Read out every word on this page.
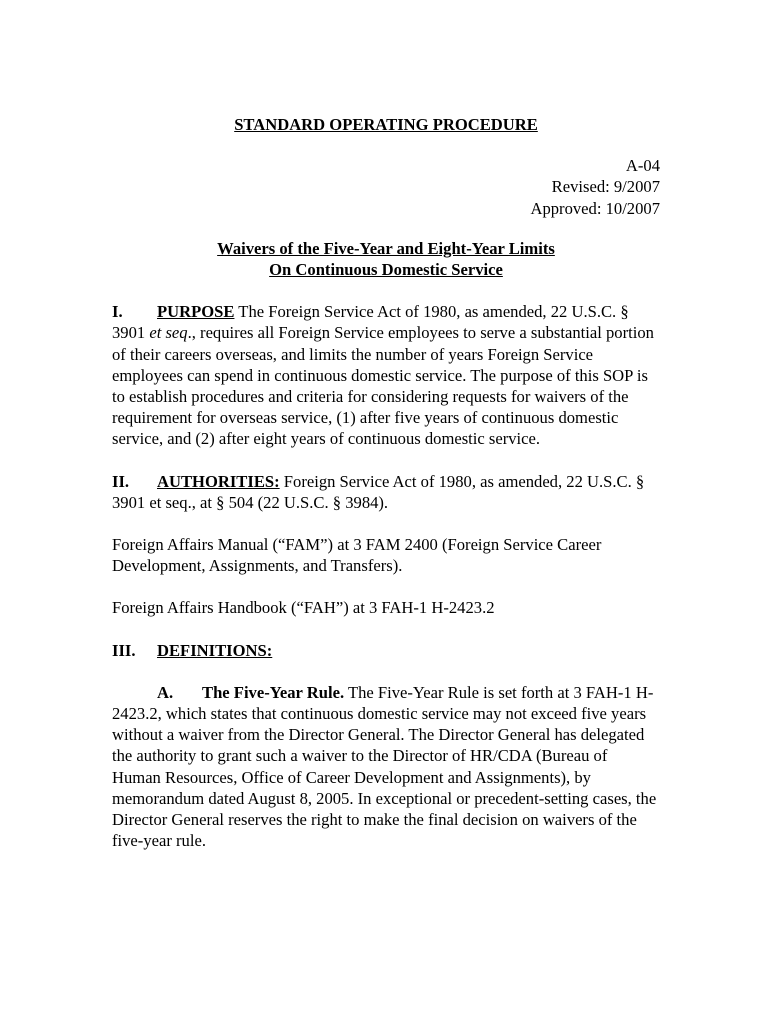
STANDARD OPERATING PROCEDURE
A-04
Revised: 9/2007
Approved: 10/2007
Waivers of the Five-Year and Eight-Year Limits
On Continuous Domestic Service

I. PURPOSE The Foreign Service Act of 1980, as amended, 22 U.S.C. § 3901 et seq., requires all Foreign Service employees to serve a substantial portion of their careers overseas, and limits the number of years Foreign Service employees can spend in continuous domestic service. The purpose of this SOP is to establish procedures and criteria for considering requests for waivers of the requirement for overseas service, (1) after five years of continuous domestic service, and (2) after eight years of continuous domestic service.

II. AUTHORITIES: Foreign Service Act of 1980, as amended, 22 U.S.C. § 3901 et seq., at § 504 (22 U.S.C. § 3984).

Foreign Affairs Manual (“FAM”) at 3 FAM 2400 (Foreign Service Career Development, Assignments, and Transfers).

Foreign Affairs Handbook (“FAH”) at 3 FAH-1 H-2423.2

III. DEFINITIONS:

A. The Five-Year Rule. The Five-Year Rule is set forth at 3 FAH-1 H-2423.2, which states that continuous domestic service may not exceed five years without a waiver from the Director General. The Director General has delegated the authority to grant such a waiver to the Director of HR/CDA (Bureau of Human Resources, Office of Career Development and Assignments), by memorandum dated August 8, 2005. In exceptional or precedent-setting cases, the Director General reserves the right to make the final decision on waivers of the five-year rule.
